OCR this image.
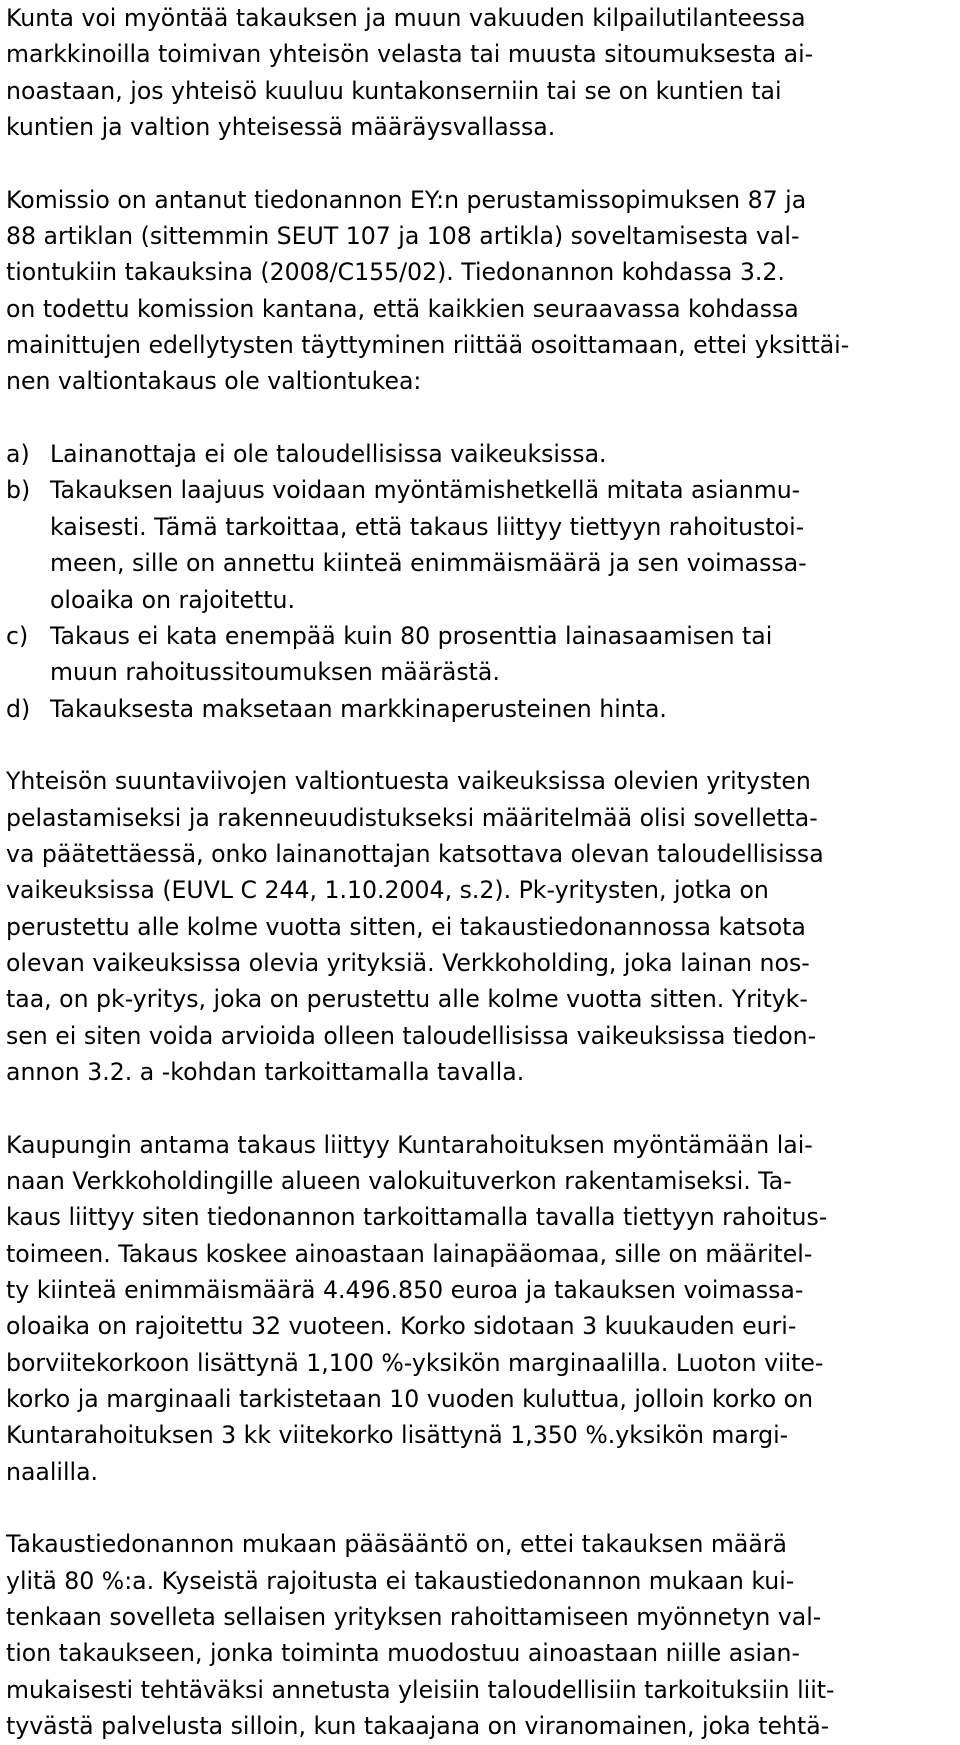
Kunta voi myöntää takauksen ja muun vakuuden kilpailutilanteessa

markkinoilla toimivan yhteisön velasta tai muusta sitoumuksesta ai-

noastaan, jos yhteisö kuuluu kuntakonserniin tai se on kuntien tai

kuntien ja valtion yhteisessä määräysvallassa.

Komissio on antanut tiedonannon EY:n perustamissopimuksen 87 ja

88 artiklan (sittemmin SEUT 107 ja 108 artikla) soveltamisesta val-

tiontukiin takauksina (2008/C155/02). Tiedonannon kohdassa 3.2.

on todettu komission kantana, että kaikkien seuraavassa kohdassa

mainittujen edellytysten täyttyminen riittää osoittamaan, ettei yksittäi-

nen valtiontakaus ole valtiontukea:

a) Lainanottaja ei ole taloudellisissa vaikeuksissa.

b) Takauksen laajuus voidaan myöntämishetkellä mitata asianmu-

kaisesti. Tämä tarkoittaa, että takaus liittyy tiettyyn rahoitustoi-

meen, sille on annettu kiinteä enimmäismäärä ja sen voimassa-

oloaika on rajoitettu.

c) Takaus ei kata enempää kuin 80 prosenttia lainasaamisen tai

muun rahoitussitoumuksen määrästä.

d) Takauksesta maksetaan markkinaperusteinen hinta.

Yhteisön suuntaviivojen valtiontuesta vaikeuksissa olevien yritysten

pelastamiseksi ja rakenneuudistukseksi määritelmää olisi sovelletta-

va päätettäessä, onko lainanottajan katsottava olevan taloudellisissa

vaikeuksissa (EUVL C 244, 1.10.2004, s.2). Pk-yritysten, jotka on

perustettu alle kolme vuotta sitten, ei takaustiedonannossa katsota

olevan vaikeuksissa olevia yrityksiä. Verkkoholding, joka lainan nos-

taa, on pk-yritys, joka on perustettu alle kolme vuotta sitten. Yrityk-

sen ei siten voida arvioida olleen taloudellisissa vaikeuksissa tiedon-

annon 3.2. a -kohdan tarkoittamalla tavalla.

Kaupungin antama takaus liittyy Kuntarahoituksen myöntämään lai-

naan Verkkoholdingille alueen valokuituverkon rakentamiseksi. Ta-

kaus liittyy siten tiedonannon tarkoittamalla tavalla tiettyyn rahoitus-

toimeen. Takaus koskee ainoastaan lainapääomaa, sille on määritel-

ty kiinteä enimmäismäärä 4.496.850 euroa ja takauksen voimassa-

oloaika on rajoitettu 32 vuoteen. Korko sidotaan 3 kuukauden euri-

borviitekorkoon lisättynä 1,100 %-yksikön marginaalilla. Luoton viite-

korko ja marginaali tarkistetaan 10 vuoden kuluttua, jolloin korko on

Kuntarahoituksen 3 kk viitekorko lisättynä 1,350 %.yksikön margi-

naalilla.

Takaustiedonannon mukaan pääsääntö on, ettei takauksen määrä

ylitä 80 %:a. Kyseistä rajoitusta ei takaustiedonannon mukaan kui-

tenkaan sovelleta sellaisen yrityksen rahoittamiseen myönnetyn val-

tion takaukseen, jonka toiminta muodostuu ainoastaan niille asian-

mukaisesti tehtäväksi annetusta yleisiin taloudellisiin tarkoituksiin liit-

tyvästä palvelusta silloin, kun takaajana on viranomainen, joka tehtä-
